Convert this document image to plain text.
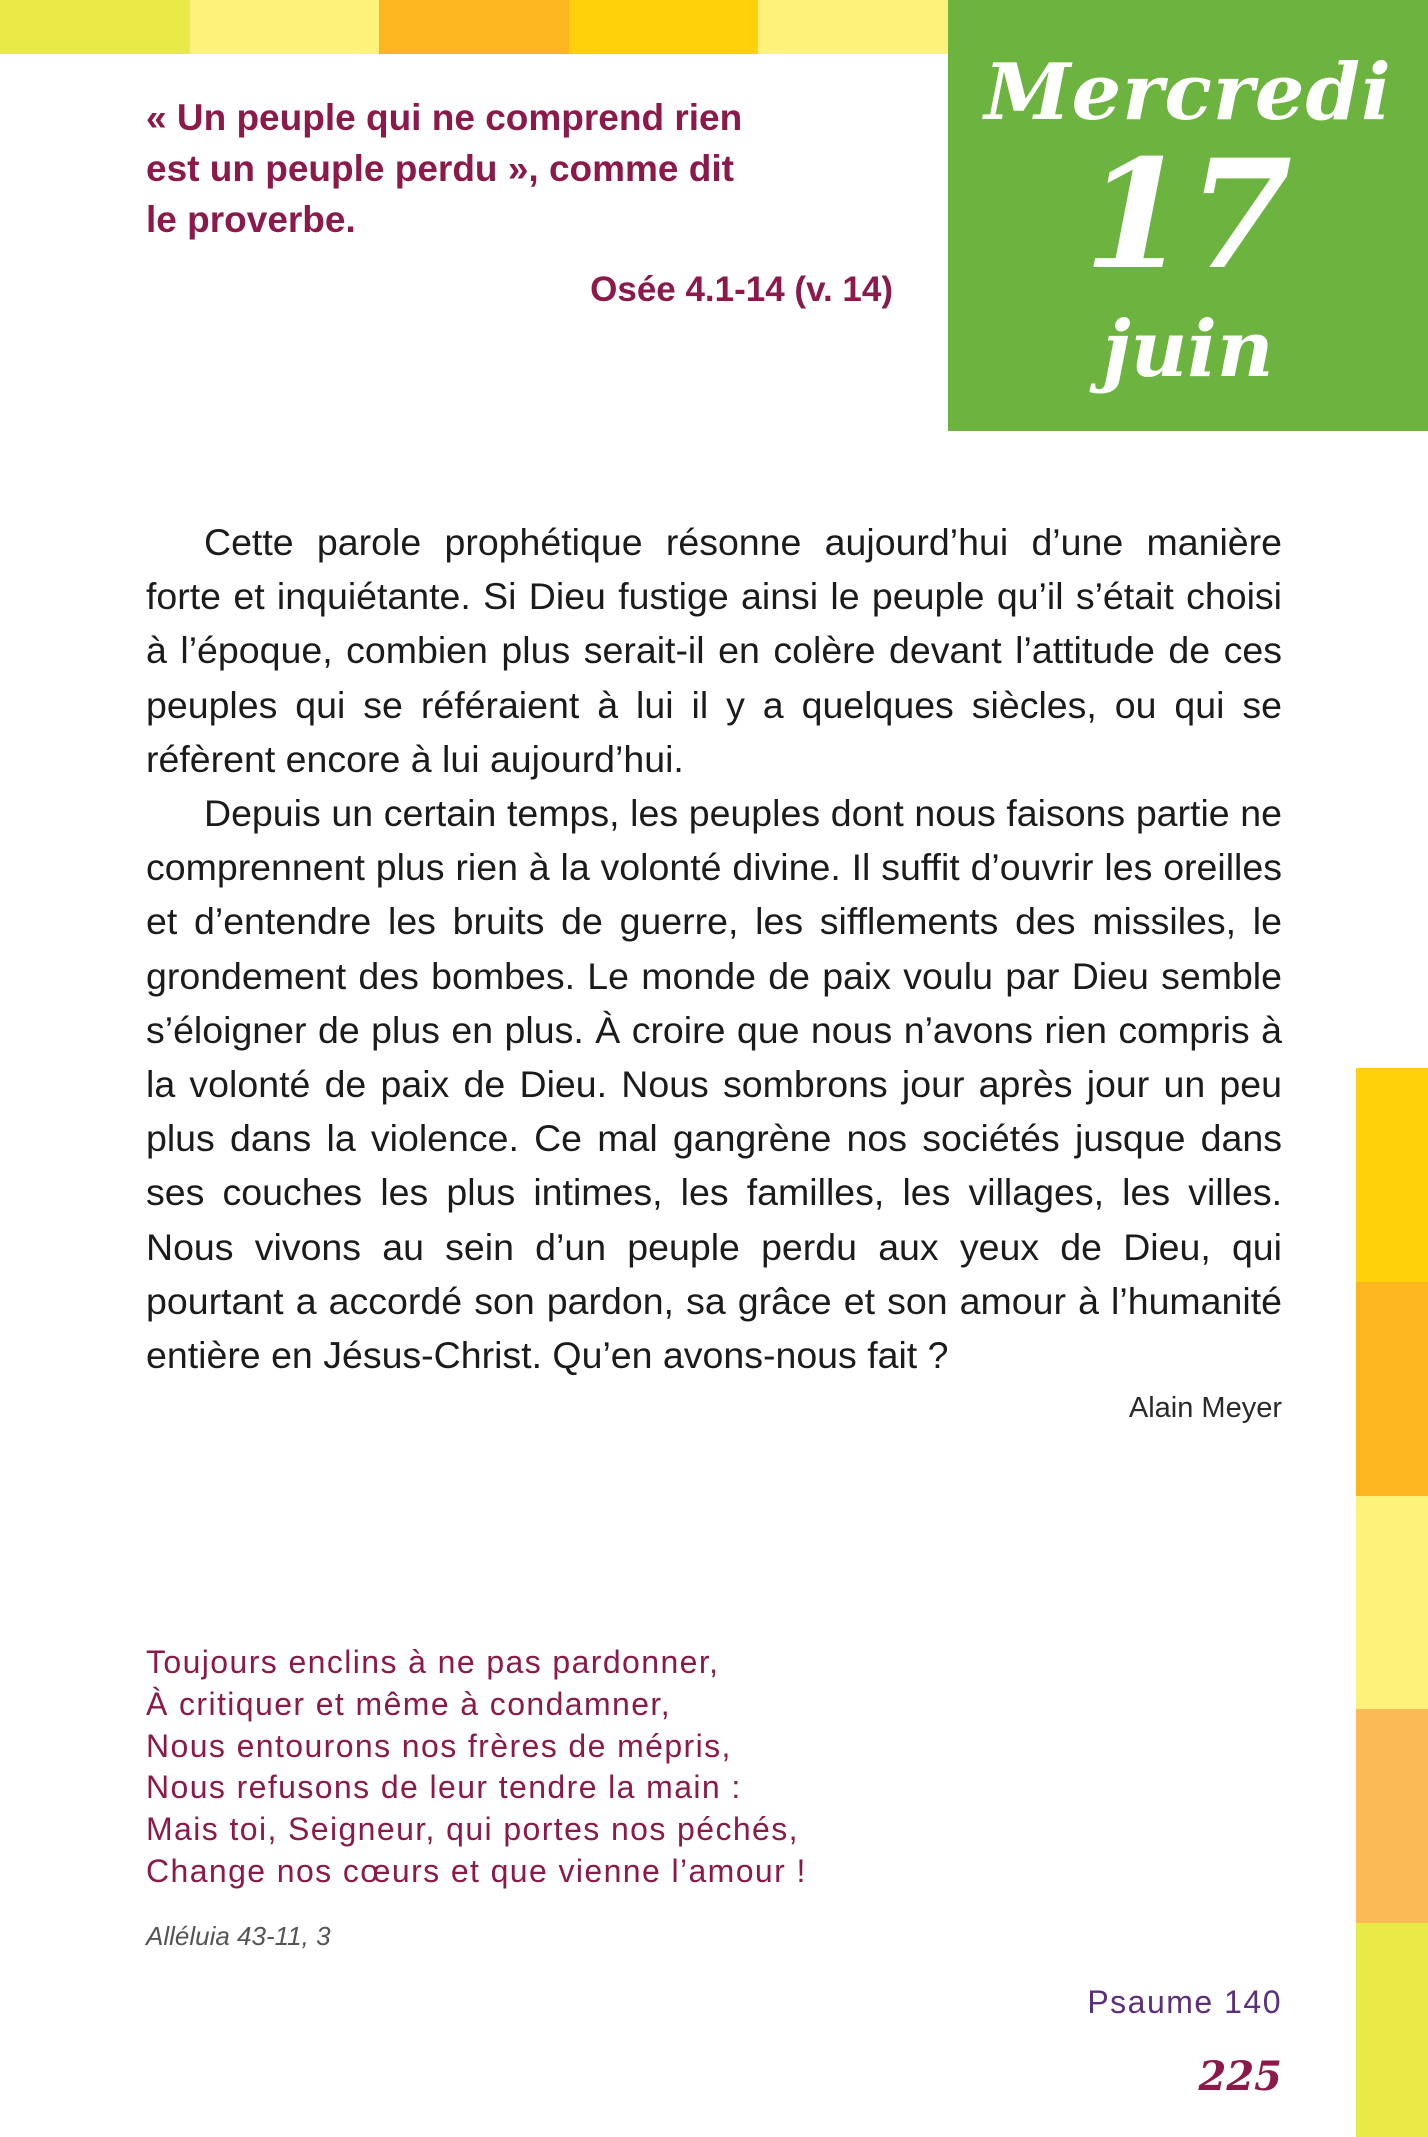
Mercredi
17
juin
« Un peuple qui ne comprend rien
est un peuple perdu », comme dit
le proverbe.
Osée 4.1-14 (v. 14)

Cette parole prophétique résonne aujourd’hui d’une manière forte et inquiétante. Si Dieu fustige ainsi le peuple qu’il s’était choisi à l’époque, combien plus serait-il en colère devant l’attitude de ces peuples qui se référaient à lui il y a quelques siècles, ou qui se réfèrent encore à lui aujourd’hui.

Depuis un certain temps, les peuples dont nous faisons partie ne comprennent plus rien à la volonté divine. Il suffit d’ouvrir les oreilles et d’entendre les bruits de guerre, les sifflements des missiles, le grondement des bombes. Le monde de paix voulu par Dieu semble s’éloigner de plus en plus. À croire que nous n’avons rien compris à la volonté de paix de Dieu. Nous sombrons jour après jour un peu plus dans la violence. Ce mal gangrène nos sociétés jusque dans ses couches les plus intimes, les familles, les villages, les villes. Nous vivons au sein d’un peuple perdu aux yeux de Dieu, qui pourtant a accordé son pardon, sa grâce et son amour à l’humanité entière en Jésus-Christ. Qu’en avons-nous fait ?

Alain Meyer
Toujours enclins à ne pas pardonner,
À critiquer et même à condamner,
Nous entourons nos frères de mépris,
Nous refusons de leur tendre la main :
Mais toi, Seigneur, qui portes nos péchés,
Change nos cœurs et que vienne l’amour !
Alléluia 43-11, 3
Psaume 140
225
